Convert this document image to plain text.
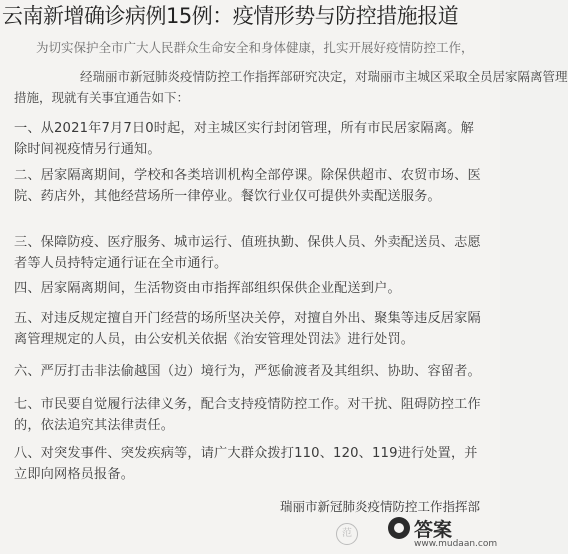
云南新增确诊病例15例：疫情形势与防控措施报道
为切实保护全市广大人民群众生命安全和身体健康，扎实开展好疫情防控工作，
经瑞丽市新冠肺炎疫情防控工作指挥部研究决定，对瑞丽市主城区采取全员居家隔离管理
措施，现就有关事宜通告如下：
一、从2021年7月7日0时起，对主城区实行封闭管理，所有市民居家隔离。解除时间视疫情另行通知。
二、居家隔离期间，学校和各类培训机构全部停课。除保供超市、农贸市场、医院、药店外，其他经营场所一律停业。餐饮行业仅可提供外卖配送服务。
三、保障防疫、医疗服务、城市运行、值班执勤、保供人员、外卖配送员、志愿者等人员持特定通行证在全市通行。
四、居家隔离期间，生活物资由市指挥部组织保供企业配送到户。
五、对违反规定擅自开门经营的场所坚决关停，对擅自外出、聚集等违反居家隔离管理规定的人员，由公安机关依据《治安管理处罚法》进行处罚。
六、严厉打击非法偷越国（边）境行为，严惩偷渡者及其组织、协助、容留者。
七、市民要自觉履行法律义务，配合支持疫情防控工作。对干扰、阻碍防控工作的，依法追究其法律责任。
八、对突发事件、突发疾病等，请广大群众拨打110、120、119进行处置，并立即向网格员报备。
瑞丽市新冠肺炎疫情防控工作指挥部
范	答案
www.mudaan.com
